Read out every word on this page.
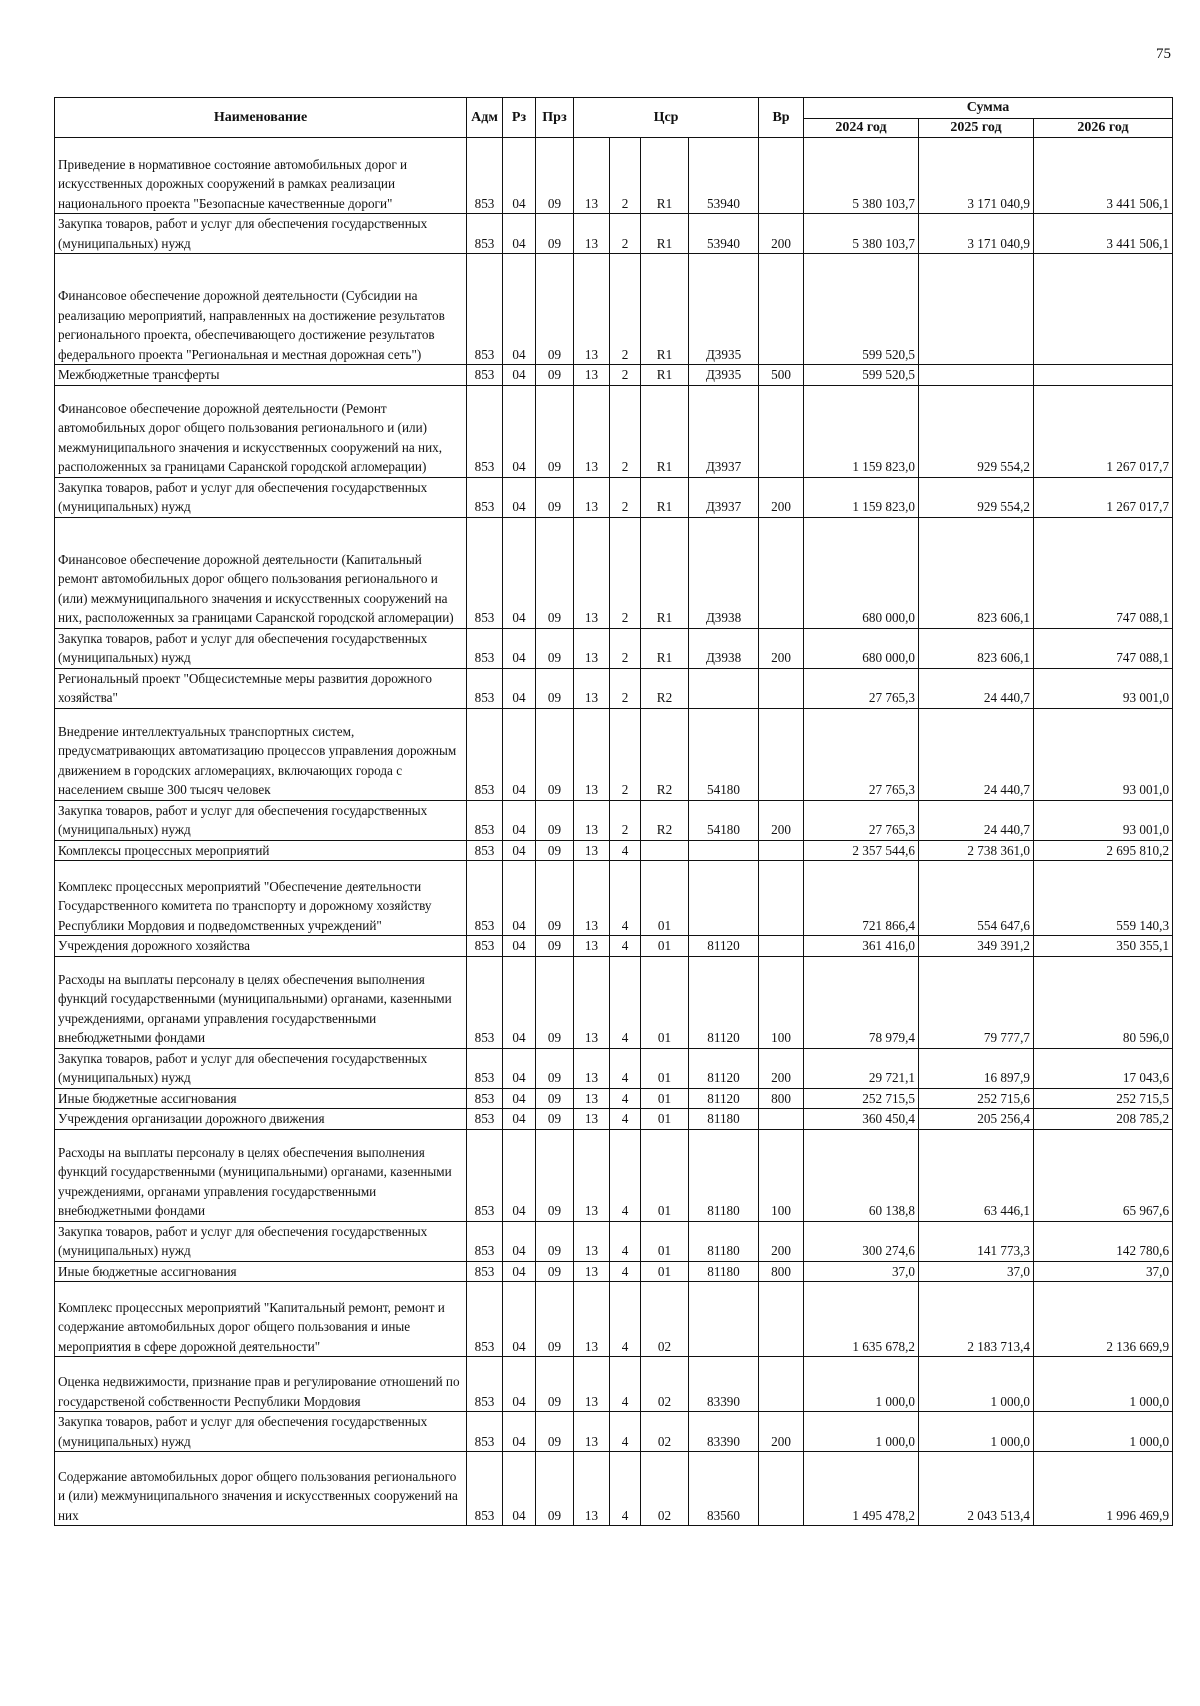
75
Наименование	Адм	Рз	Прз	Цср				Вр	Сумма		
									2024 год	2025 год	2026 год
Приведение в нормативное состояние автомобильных дорог и искусственных дорожных сооружений в рамках реализации национального проекта "Безопасные качественные дороги"	853	04	09	13	2	R1	53940		5 380 103,7	3 171 040,9	3 441 506,1
Закупка товаров, работ и услуг для обеспечения государственных (муниципальных) нужд	853	04	09	13	2	R1	53940	200	5 380 103,7	3 171 040,9	3 441 506,1
Финансовое обеспечение дорожной деятельности (Субсидии на реализацию мероприятий, направленных на достижение результатов регионального проекта, обеспечивающего достижение результатов федерального проекта "Региональная и местная дорожная сеть")	853	04	09	13	2	R1	Д3935		599 520,5		
Межбюджетные трансферты	853	04	09	13	2	R1	Д3935	500	599 520,5		
Финансовое обеспечение дорожной деятельности (Ремонт автомобильных дорог общего пользования регионального и (или) межмуниципального значения и искусственных сооружений на них, расположенных за границами Саранской городской агломерации)	853	04	09	13	2	R1	Д3937		1 159 823,0	929 554,2	1 267 017,7
Закупка товаров, работ и услуг для обеспечения государственных (муниципальных) нужд	853	04	09	13	2	R1	Д3937	200	1 159 823,0	929 554,2	1 267 017,7
Финансовое обеспечение дорожной деятельности (Капитальный ремонт автомобильных дорог общего пользования регионального и (или) межмуниципального значения и искусственных сооружений на них, расположенных за границами Саранской городской агломерации)	853	04	09	13	2	R1	Д3938		680 000,0	823 606,1	747 088,1
Закупка товаров, работ и услуг для обеспечения государственных (муниципальных) нужд	853	04	09	13	2	R1	Д3938	200	680 000,0	823 606,1	747 088,1
Региональный проект "Общесистемные меры развития дорожного хозяйства"	853	04	09	13	2	R2			27 765,3	24 440,7	93 001,0
Внедрение интеллектуальных транспортных систем, предусматривающих автоматизацию процессов управления дорожным движением в городских агломерациях, включающих города с населением свыше 300 тысяч человек	853	04	09	13	2	R2	54180		27 765,3	24 440,7	93 001,0
Закупка товаров, работ и услуг для обеспечения государственных (муниципальных) нужд	853	04	09	13	2	R2	54180	200	27 765,3	24 440,7	93 001,0
Комплексы процессных мероприятий	853	04	09	13	4				2 357 544,6	2 738 361,0	2 695 810,2
Комплекс процессных мероприятий "Обеспечение деятельности Государственного комитета по транспорту и дорожному хозяйству Республики Мордовия и подведомственных учреждений"	853	04	09	13	4	01			721 866,4	554 647,6	559 140,3
Учреждения дорожного хозяйства	853	04	09	13	4	01	81120		361 416,0	349 391,2	350 355,1
Расходы на выплаты персоналу в целях обеспечения выполнения функций государственными (муниципальными) органами, казенными учреждениями, органами управления государственными внебюджетными фондами	853	04	09	13	4	01	81120	100	78 979,4	79 777,7	80 596,0
Закупка товаров, работ и услуг для обеспечения государственных (муниципальных) нужд	853	04	09	13	4	01	81120	200	29 721,1	16 897,9	17 043,6
Иные бюджетные ассигнования	853	04	09	13	4	01	81120	800	252 715,5	252 715,6	252 715,5
Учреждения организации дорожного движения	853	04	09	13	4	01	81180		360 450,4	205 256,4	208 785,2
Расходы на выплаты персоналу в целях обеспечения выполнения функций государственными (муниципальными) органами, казенными учреждениями, органами управления государственными внебюджетными фондами	853	04	09	13	4	01	81180	100	60 138,8	63 446,1	65 967,6
Закупка товаров, работ и услуг для обеспечения государственных (муниципальных) нужд	853	04	09	13	4	01	81180	200	300 274,6	141 773,3	142 780,6
Иные бюджетные ассигнования	853	04	09	13	4	01	81180	800	37,0	37,0	37,0
Комплекс процессных мероприятий "Капитальный ремонт, ремонт и содержание автомобильных дорог общего пользования и иные мероприятия в сфере дорожной деятельности"	853	04	09	13	4	02			1 635 678,2	2 183 713,4	2 136 669,9
Оценка недвижимости, признание прав и регулирование отношений по государственой собственности Республики Мордовия	853	04	09	13	4	02	83390		1 000,0	1 000,0	1 000,0
Закупка товаров, работ и услуг для обеспечения государственных (муниципальных) нужд	853	04	09	13	4	02	83390	200	1 000,0	1 000,0	1 000,0
Содержание автомобильных дорог общего пользования регионального и (или) межмуниципального значения и искусственных сооружений на них	853	04	09	13	4	02	83560		1 495 478,2	2 043 513,4	1 996 469,9
